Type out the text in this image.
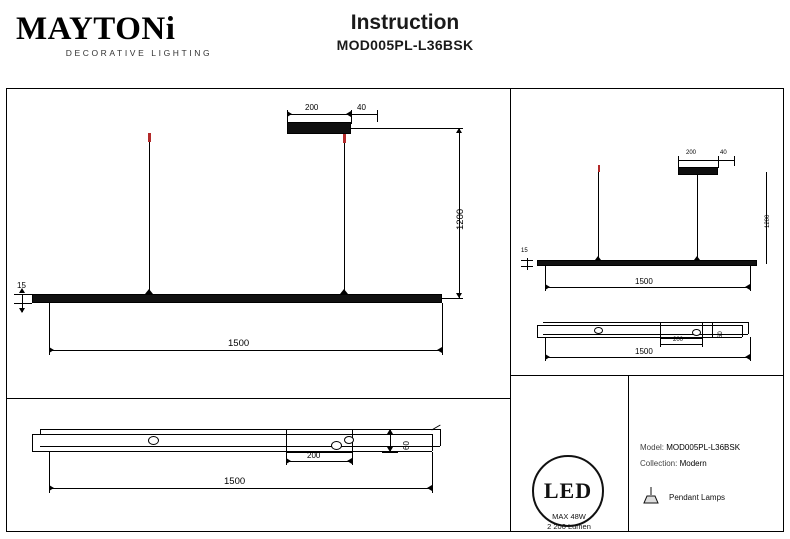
MAYTONi
DECORATIVE LIGHTING
Instruction
MOD005PL-L36BSK
200	40
1200
15
1500
200
60
1500
200	40
1200
15
1500
60
200
1500
LED
MAX 48W
2 200 Lumen
Model: MOD005PL-L36BSK
Collection: Modern
Pendant Lamps
